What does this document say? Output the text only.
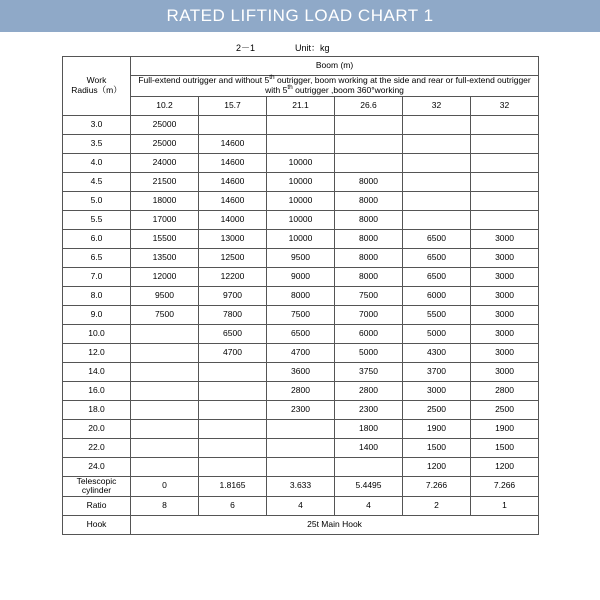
RATED LIFTING LOAD CHART 1
2－1	Unit：kg
Work
Radius（m）	Boom (m)					
	Full-extend outrigger and without 5th outrigger, boom working at the side and rear or full-extend outrigger with 5th outrigger ,boom 360°working					
	10.2	15.7	21.1	26.6	32	32
3.0	25000					
3.5	25000	14600				
4.0	24000	14600	10000			
4.5	21500	14600	10000	8000		
5.0	18000	14600	10000	8000		
5.5	17000	14000	10000	8000		
6.0	15500	13000	10000	8000	6500	3000
6.5	13500	12500	9500	8000	6500	3000
7.0	12000	12200	9000	8000	6500	3000
8.0	9500	9700	8000	7500	6000	3000
9.0	7500	7800	7500	7000	5500	3000
10.0		6500	6500	6000	5000	3000
12.0		4700	4700	5000	4300	3000
14.0			3600	3750	3700	3000
16.0			2800	2800	3000	2800
18.0			2300	2300	2500	2500
20.0				1800	1900	1900
22.0				1400	1500	1500
24.0					1200	1200
Telescopic
cylinder	0	1.8165	3.633	5.4495	7.266	7.266
Ratio	8	6	4	4	2	1
Hook	25t Main Hook					
